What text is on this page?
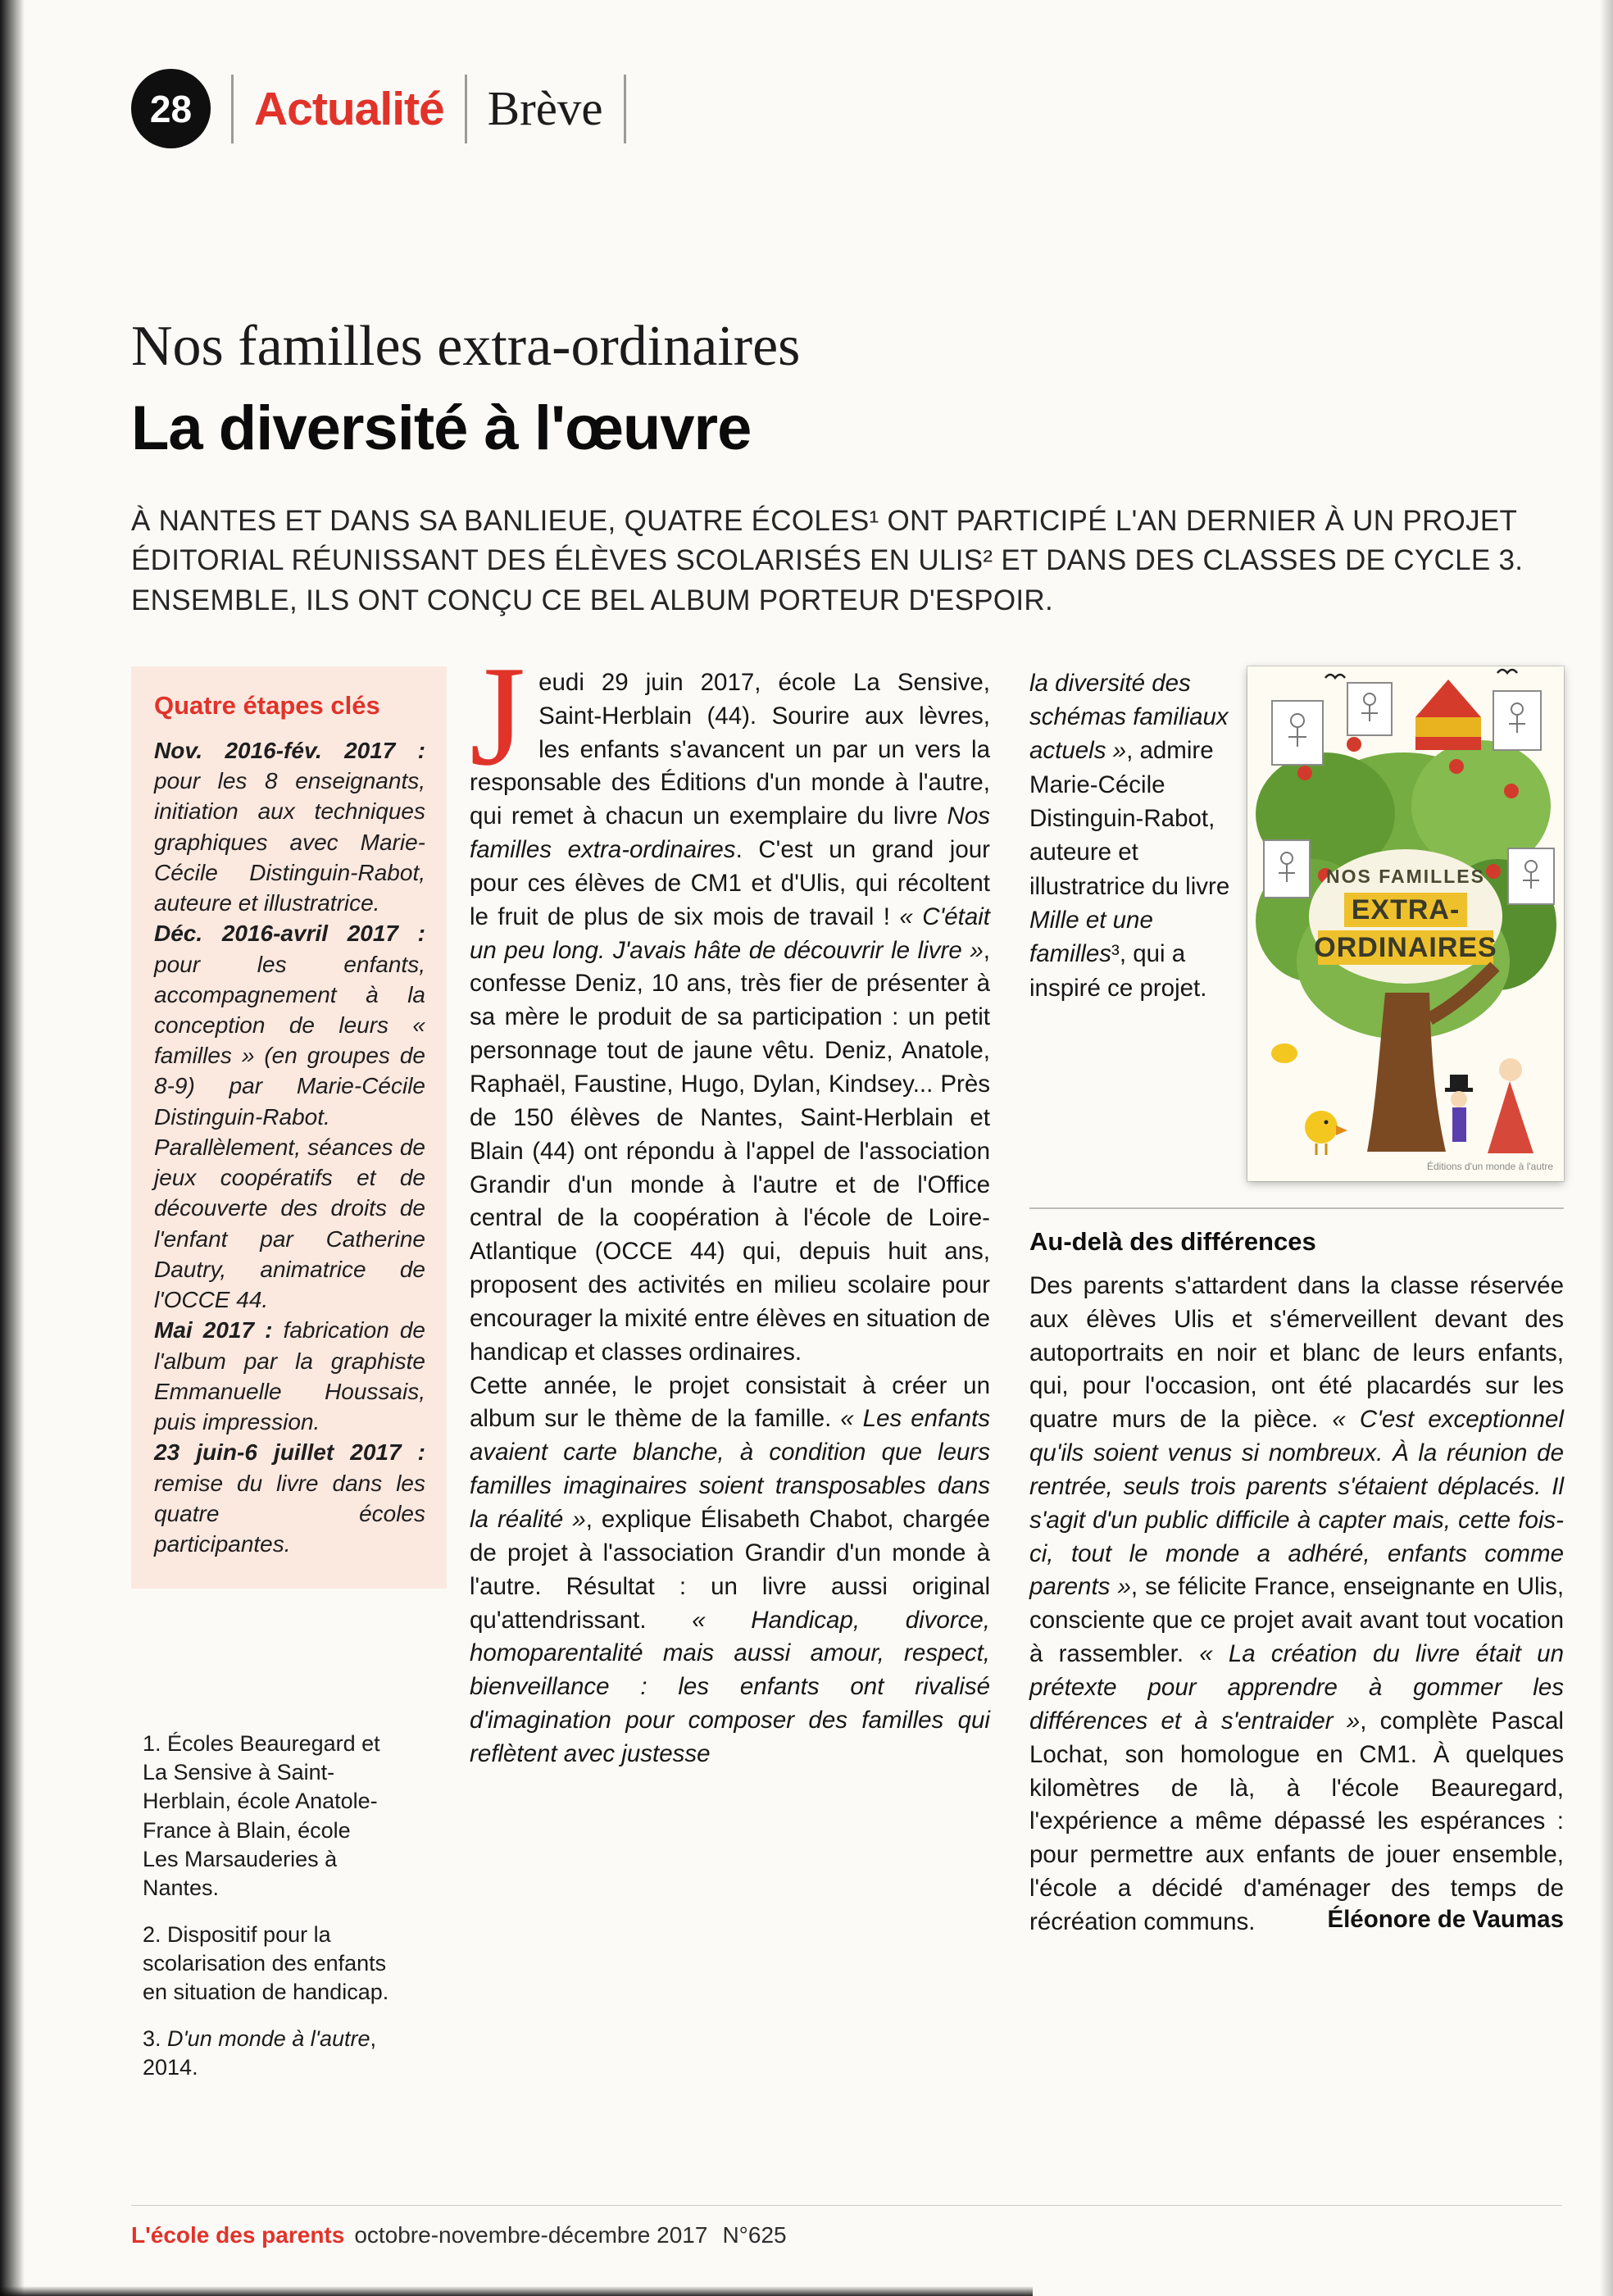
28 Actualité Brève
Nos familles extra-ordinaires
La diversité à l'œuvre
À NANTES ET DANS SA BANLIEUE, QUATRE ÉCOLES¹ ONT PARTICIPÉ L'AN DERNIER À UN PROJET ÉDITORIAL RÉUNISSANT DES ÉLÈVES SCOLARISÉS EN ULIS² ET DANS DES CLASSES DE CYCLE 3. ENSEMBLE, ILS ONT CONÇU CE BEL ALBUM PORTEUR D'ESPOIR.
Quatre étapes clés

Nov. 2016-fév. 2017 : pour les 8 enseignants, initiation aux techniques graphiques avec Marie-Cécile Distinguin-Rabot, auteure et illustratrice.

Déc. 2016-avril 2017 : pour les enfants, accompagnement à la conception de leurs « familles » (en groupes de 8-9) par Marie-Cécile Distinguin-Rabot. Parallèlement, séances de jeux coopératifs et de découverte des droits de l'enfant par Catherine Dautry, animatrice de l'OCCE 44.

Mai 2017 : fabrication de l'album par la graphiste Emmanuelle Houssais, puis impression.

23 juin-6 juillet 2017 : remise du livre dans les quatre écoles participantes.

1. Écoles Beauregard et La Sensive à Saint-Herblain, école Anatole-France à Blain, école Les Marsauderies à Nantes.

2. Dispositif pour la scolarisation des enfants en situation de handicap.

3. D'un monde à l'autre, 2014.

Jeudi 29 juin 2017, école La Sensive, Saint-Herblain (44). Sourire aux lèvres, les enfants s'avancent un par un vers la responsable des Éditions d'un monde à l'autre, qui remet à chacun un exemplaire du livre Nos familles extra-ordinaires. C'est un grand jour pour ces élèves de CM1 et d'Ulis, qui récoltent le fruit de plus de six mois de travail ! « C'était un peu long. J'avais hâte de découvrir le livre », confesse Deniz, 10 ans, très fier de présenter à sa mère le produit de sa participation : un petit personnage tout de jaune vêtu. Deniz, Anatole, Raphaël, Faustine, Hugo, Dylan, Kindsey... Près de 150 élèves de Nantes, Saint-Herblain et Blain (44) ont répondu à l'appel de l'association Grandir d'un monde à l'autre et de l'Office central de la coopération à l'école de Loire-Atlantique (OCCE 44) qui, depuis huit ans, proposent des activités en milieu scolaire pour encourager la mixité entre élèves en situation de handicap et classes ordinaires.

Cette année, le projet consistait à créer un album sur le thème de la famille. « Les enfants avaient carte blanche, à condition que leurs familles imaginaires soient transposables dans la réalité », explique Élisabeth Chabot, chargée de projet à l'association Grandir d'un monde à l'autre. Résultat : un livre aussi original qu'attendrissant. « Handicap, divorce, homoparentalité mais aussi amour, respect, bienveillance : les enfants ont rivalisé d'imagination pour composer des familles qui reflètent avec justesse

la diversité des schémas familiaux actuels », admire Marie-Cécile Distinguin-Rabot, auteure et illustratrice du livre Mille et une familles³, qui a inspiré ce projet.

NOS FAMILLES
EXTRA-
ORDINAIRES
Éditions d'un monde à l'autre
Au-delà des différences

Des parents s'attardent dans la classe réservée aux élèves Ulis et s'émerveillent devant des autoportraits en noir et blanc de leurs enfants, qui, pour l'occasion, ont été placardés sur les quatre murs de la pièce. « C'est exceptionnel qu'ils soient venus si nombreux. À la réunion de rentrée, seuls trois parents s'étaient déplacés. Il s'agit d'un public difficile à capter mais, cette fois-ci, tout le monde a adhéré, enfants comme parents », se félicite France, enseignante en Ulis, consciente que ce projet avait avant tout vocation à rassembler. « La création du livre était un prétexte pour apprendre à gommer les différences et à s'entraider », complète Pascal Lochat, son homologue en CM1. À quelques kilomètres de là, à l'école Beauregard, l'expérience a même dépassé les espérances : pour permettre aux enfants de jouer ensemble, l'école a décidé d'aménager des temps de récréation communs.	Éléonore de Vaumas
L'école des parents octobre-novembre-décembre 2017 N°625
